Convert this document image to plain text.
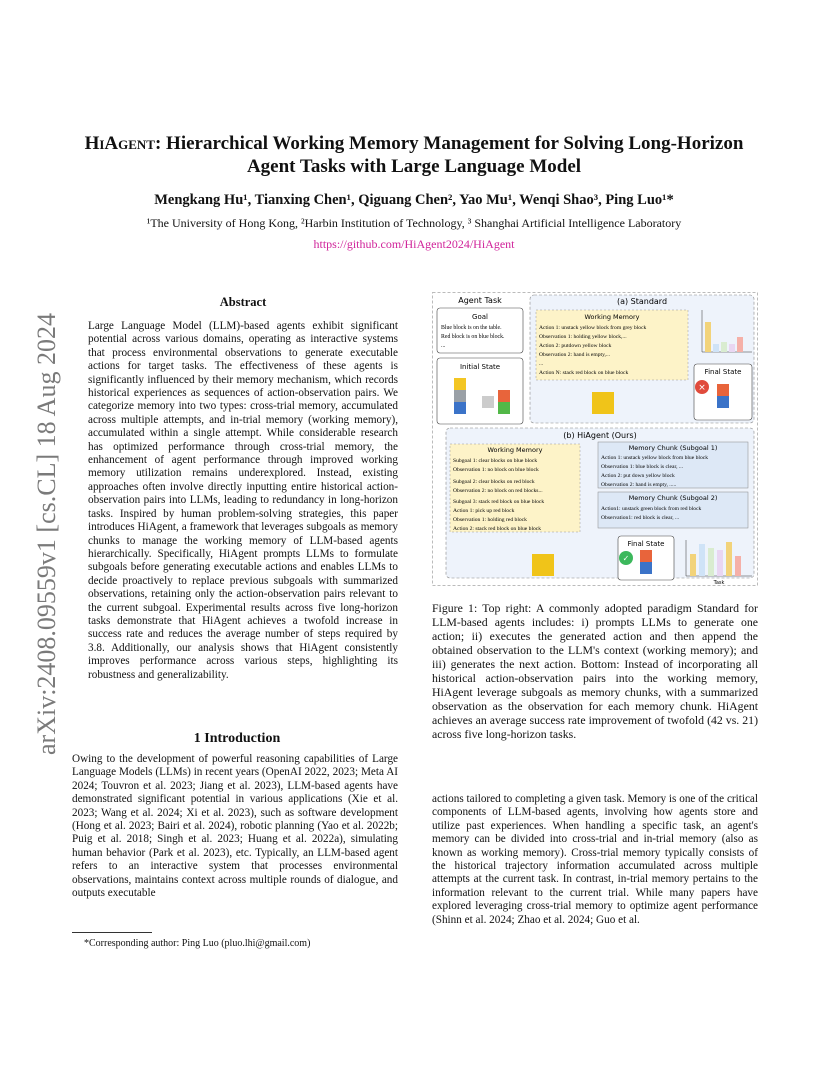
HiAgent: Hierarchical Working Memory Management for Solving Long-Horizon Agent Tasks with Large Language Model
Mengkang Hu¹, Tianxing Chen¹, Qiguang Chen², Yao Mu¹, Wenqi Shao³, Ping Luo¹*
¹The University of Hong Kong, ²Harbin Institution of Technology, ³ Shanghai Artificial Intelligence Laboratory
https://github.com/HiAgent2024/HiAgent
arXiv:2408.09559v1 [cs.CL] 18 Aug 2024
Abstract
Large Language Model (LLM)-based agents exhibit significant potential across various domains, operating as interactive systems that process environmental observations to generate executable actions for target tasks. The effectiveness of these agents is significantly influenced by their memory mechanism, which records historical experiences as sequences of action-observation pairs. We categorize memory into two types: cross-trial memory, accumulated across multiple attempts, and in-trial memory (working memory), accumulated within a single attempt. While considerable research has optimized performance through cross-trial memory, the enhancement of agent performance through improved working memory utilization remains underexplored. Instead, existing approaches often involve directly inputting entire historical action-observation pairs into LLMs, leading to redundancy in long-horizon tasks. Inspired by human problem-solving strategies, this paper introduces HiAgent, a framework that leverages subgoals as memory chunks to manage the working memory of LLM-based agents hierarchically. Specifically, HiAgent prompts LLMs to formulate subgoals before generating executable actions and enables LLMs to decide proactively to replace previous subgoals with summarized observations, retaining only the action-observation pairs relevant to the current subgoal. Experimental results across five long-horizon tasks demonstrate that HiAgent achieves a twofold increase in success rate and reduces the average number of steps required by 3.8. Additionally, our analysis shows that HiAgent consistently improves performance across various steps, highlighting its robustness and generalizability.
1 Introduction
Owing to the development of powerful reasoning capabilities of Large Language Models (LLMs) in recent years (OpenAI 2022, 2023; Meta AI 2024; Touvron et al. 2023; Jiang et al. 2023), LLM-based agents have demonstrated significant potential in various applications (Xie et al. 2023; Wang et al. 2024; Xi et al. 2023), such as software development (Hong et al. 2023; Bairi et al. 2024), robotic planning (Yao et al. 2022b; Puig et al. 2018; Singh et al. 2023; Huang et al. 2022a), simulating human behavior (Park et al. 2023), etc. Typically, an LLM-based agent refers to an interactive system that processes environmental observations, maintains context across multiple rounds of dialogue, and outputs executable
*Corresponding author: Ping Luo (pluo.lhi@gmail.com)
Agent Task
Goal
Blue block is on the table.
Red block is on blue block.
...
Initial State
(a) Standard
Working Memory
Action 1: unstack yellow block from grey block
Observation 1: holding yellow block,...
Action 2: putdown yellow block
Observation 2: hand is empty,...
...
Action N: stack red block on blue block	Final State
×
(b) HiAgent (Ours)
Working Memory
Subgoal 1: clear blocks on blue block
Observation 1: no block on blue block
Subgoal 2: clear blocks on red block
Observation 2: no block on red blocks...
Subgoal 3: stack red block on blue block
Action 1: pick up red block
Observation 1: holding red block
Action 2: stack red block on blue block
Memory Chunk (Subgoal 1)
Action 1: unstack yellow block from blue block
Observation 1: blue block is clear, ...
Action 2: put down yellow block
Observation 2: hand is empty, .....
Memory Chunk (Subgoal 2)
Action1: unstack green block from red block
Observation1: red block is clear, ...
Final State
✓
Task
Figure 1: Top right: A commonly adopted paradigm Standard for LLM-based agents includes: i) prompts LLMs to generate one action; ii) executes the generated action and then append the obtained observation to the LLM's context (working memory); and iii) generates the next action. Bottom: Instead of incorporating all historical action-observation pairs into the working memory, HiAgent leverage subgoals as memory chunks, with a summarized observation as the observation for each memory chunk. HiAgent achieves an average success rate improvement of twofold (42 vs. 21) across five long-horizon tasks.
actions tailored to completing a given task. Memory is one of the critical components of LLM-based agents, involving how agents store and utilize past experiences. When handling a specific task, an agent's memory can be divided into cross-trial and in-trial memory (also as known as working memory). Cross-trial memory typically consists of the historical trajectory information accumulated across multiple attempts at the current task. In contrast, in-trial memory pertains to the information relevant to the current trial. While many papers have explored leveraging cross-trial memory to optimize agent performance (Shinn et al. 2024; Zhao et al. 2024; Guo et al.
